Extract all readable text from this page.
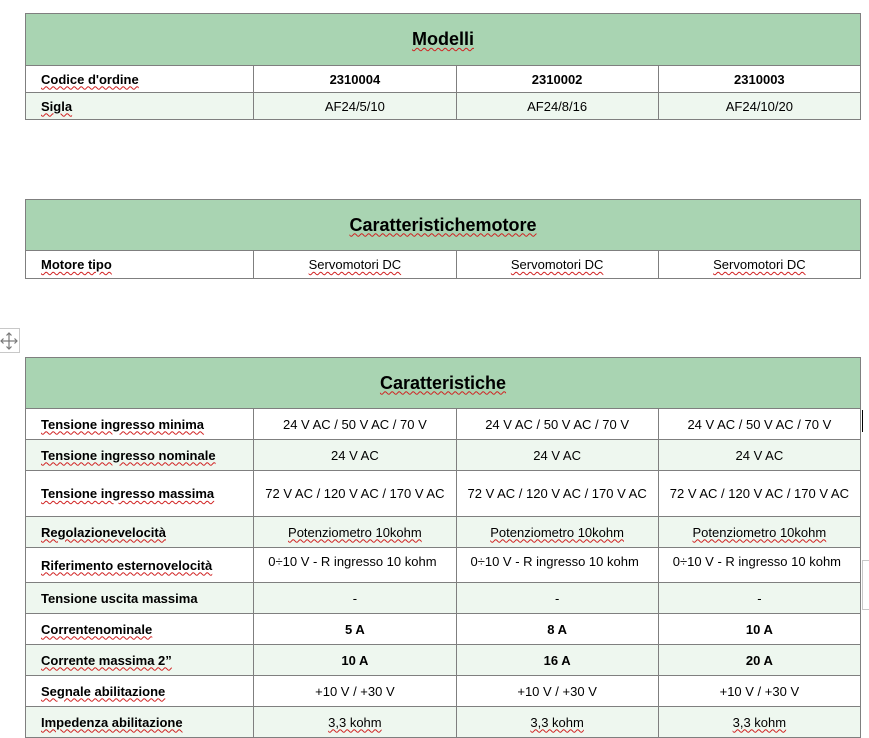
Modelli			
Codice d'ordine	2310004	2310002	2310003
Sigla	AF24/5/10	AF24/8/16	AF24/10/20
Caratteristichemotore
Motore tipo	Servomotori DC	Servomotori DC	Servomotori DC
Caratteristiche			
Tensione ingresso minima	24 V AC / 50 V AC / 70 V	24 V AC / 50 V AC / 70 V	24 V AC / 50 V AC / 70 V
Tensione ingresso nominale	24 V AC	24 V AC	24 V AC
Tensione ingresso massima	72 V AC / 120 V AC / 170 V AC	72 V AC / 120 V AC / 170 V AC	72 V AC / 120 V AC / 170 V AC
Regolazionevelocità	Potenziometro 10kohm	Potenziometro 10kohm	Potenziometro 10kohm
Riferimento esternovelocità	0÷10 V - R ingresso 10 kohm	0÷10 V - R ingresso 10 kohm	0÷10 V - R ingresso 10 kohm
Tensione uscita massima	-	-	-
Correntenominale	5 A	8 A	10 A
Corrente massima 2”	10 A	16 A	20 A
Segnale abilitazione	+10 V / +30 V	+10 V / +30 V	+10 V / +30 V
Impedenza abilitazione	3,3 kohm	3,3 kohm	3,3 kohm
